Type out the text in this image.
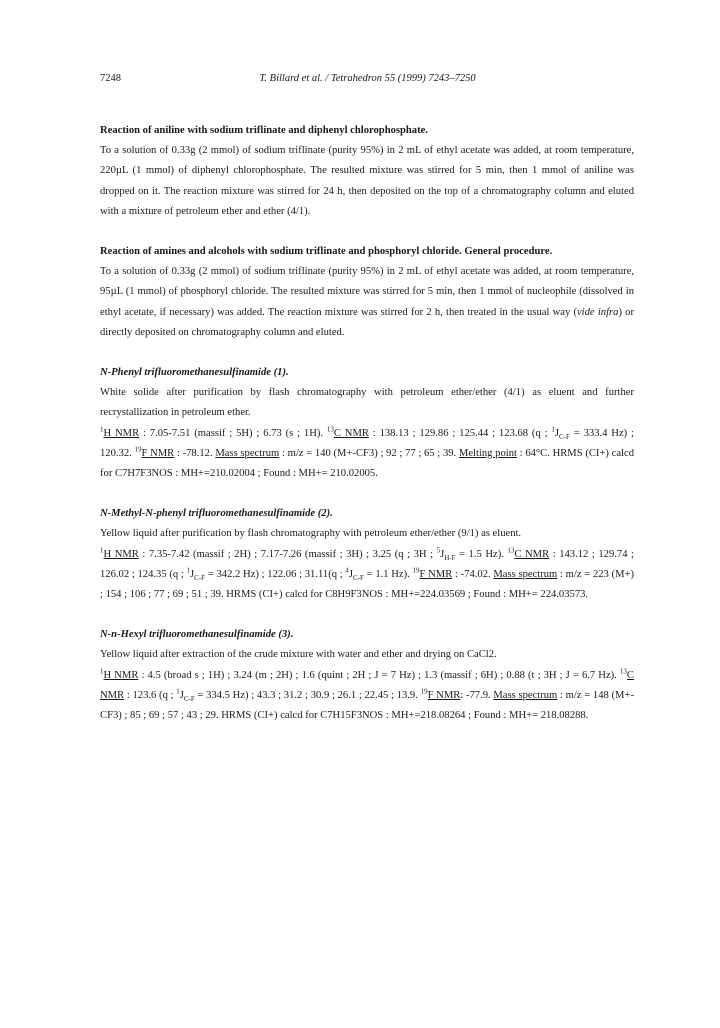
7248	T. Billard et al. / Tetrahedron 55 (1999) 7243–7250
Reaction of aniline with sodium triflinate and diphenyl chlorophosphate.

To a solution of 0.33g (2 mmol) of sodium triflinate (purity 95%) in 2 mL of ethyl acetate was added, at room temperature, 220µL (1 mmol) of diphenyl chlorophosphate. The resulted mixture was stirred for 5 min, then 1 mmol of aniline was dropped on it. The reaction mixture was stirred for 24 h, then deposited on the top of a chromatography column and eluted with a mixture of petroleum ether and ether (4/1).

Reaction of amines and alcohols with sodium triflinate and phosphoryl chloride. General procedure.

To a solution of 0.33g (2 mmol) of sodium triflinate (purity 95%) in 2 mL of ethyl acetate was added, at room temperature, 95µL (1 mmol) of phosphoryl chloride. The resulted mixture was stirred for 5 min, then 1 mmol of nucleophile (dissolved in ethyl acetate, if necessary) was added. The reaction mixture was stirred for 2 h, then treated in the usual way (vide infra) or directly deposited on chromatography column and eluted.

N-Phenyl trifluoromethanesulfinamide (1).

White solide after purification by flash chromatography with petroleum ether/ether (4/1) as eluent and further recrystallization in petroleum ether.

$^1$H NMR : 7.05-7.51 (massif ; 5H) ; 6.73 (s ; 1H). $^{13}$C NMR : 138.13 ; 129.86 ; 125.44 ; 123.68 (q ; $^1J_{C-F} = 333.4$ Hz) ; 120.32. $^{19}$F NMR : -78.12. Mass spectrum : m/z = 140 (M+-CF3) ; 92 ; 77 ; 65 ; 39. Melting point : 64°C. HRMS (CI+) calcd for C7H7F3NOS : MH+=210.02004 ; Found : MH+= 210.02005.

N-Methyl-N-phenyl trifluoromethanesulfinamide (2).

Yellow liquid after purification by flash chromatography with petroleum ether/ether (9/1) as eluent.

$^1$H NMR : 7.35-7.42 (massif ; 2H) ; 7.17-7.26 (massif ; 3H) ; 3.25 (q ; 3H ; $^5J_{H-F} = 1.5$ Hz). $^{13}$C NMR : 143.12 ; 129.74 ; 126.02 ; 124.35 (q ; $^1J_{C-F} = 342.2$ Hz) ; 122.06 ; 31.11(q ; $^4J_{C-F} = 1.1$ Hz). $^{19}$F NMR : -74.02. Mass spectrum : m/z = 223 (M+) ; 154 ; 106 ; 77 ; 69 ; 51 ; 39. HRMS (CI+) calcd for C8H9F3NOS : MH+=224.03569 ; Found : MH+= 224.03573.

N-n-Hexyl trifluoromethanesulfinamide (3).

Yellow liquid after extraction of the crude mixture with water and ether and drying on CaCl2.

$^1$H NMR : 4.5 (broad s ; 1H) ; 3.24 (m ; 2H) ; 1.6 (quint ; 2H ; J = 7 Hz) ; 1.3 (massif ; 6H) ; 0.88 (t ; 3H ; J = 6.7 Hz). $^{13}$C NMR : 123.6 (q ; $^1J_{C-F} = 334.5$ Hz) ; 43.3 ; 31.2 ; 30.9 ; 26.1 ; 22.45 ; 13.9. $^{19}$F NMR: -77.9. Mass spectrum : m/z = 148 (M+-CF3) ; 85 ; 69 ; 57 ; 43 ; 29. HRMS (CI+) calcd for C7H15F3NOS : MH+=218.08264 ; Found : MH+= 218.08288.
